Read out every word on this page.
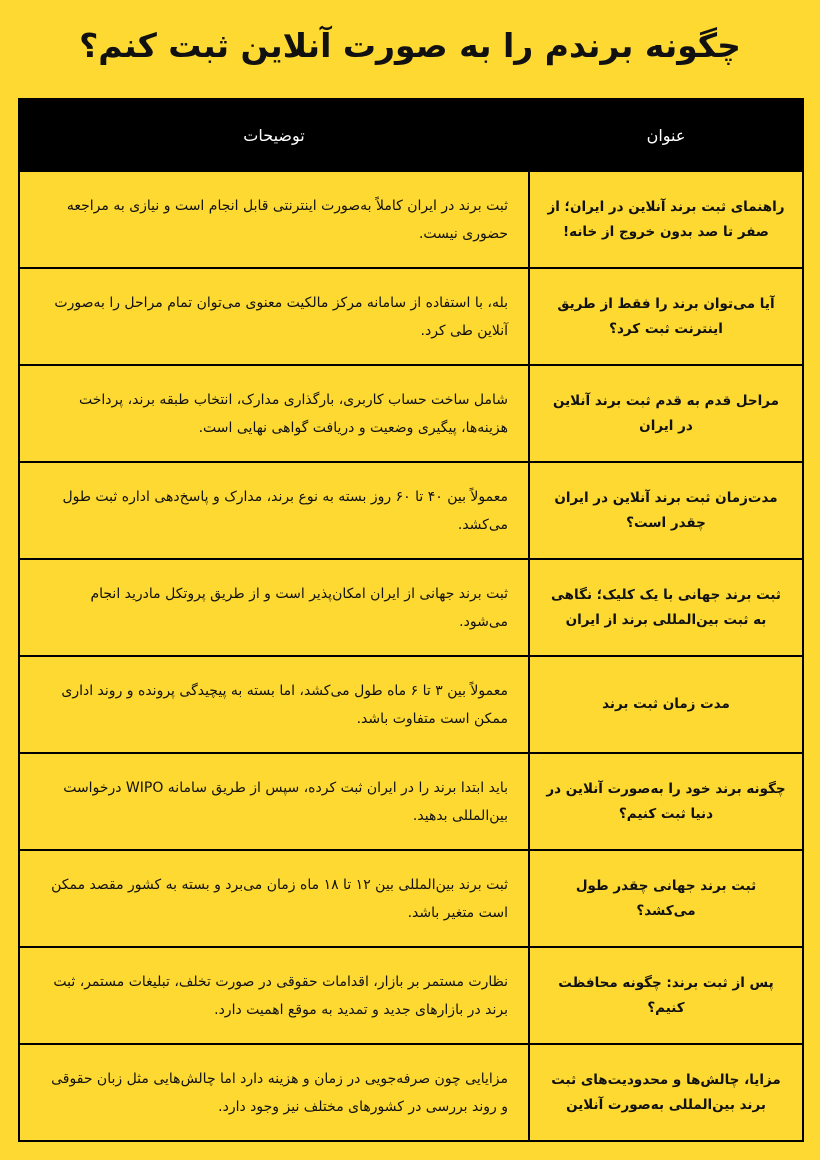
چگونه برندم را به صورت آنلاین ثبت کنم؟
عنوان	توضیحات
راهنمای ثبت برند آنلاین در ایران؛ از صفر تا صد بدون خروج از خانه!	ثبت برند در ایران کاملاً به‌صورت اینترنتی قابل انجام است و نیازی به مراجعه حضوری نیست.
آیا می‌توان برند را فقط از طریق اینترنت ثبت کرد؟	بله، با استفاده از سامانه مرکز مالکیت معنوی می‌توان تمام مراحل را به‌صورت آنلاین طی کرد.
مراحل قدم به قدم ثبت برند آنلاین در ایران	شامل ساخت حساب کاربری، بارگذاری مدارک، انتخاب طبقه برند، پرداخت هزینه‌ها، پیگیری وضعیت و دریافت گواهی نهایی است.
مدت‌زمان ثبت برند آنلاین در ایران چقدر است؟	معمولاً بین ۴۰ تا ۶۰ روز بسته به نوع برند، مدارک و پاسخ‌دهی اداره ثبت طول می‌کشد.
ثبت برند جهانی با یک کلیک؛ نگاهی به ثبت بین‌المللی برند از ایران	ثبت برند جهانی از ایران امکان‌پذیر است و از طریق پروتکل مادرید انجام می‌شود.
مدت زمان ثبت برند	معمولاً بین ۳ تا ۶ ماه طول می‌کشد، اما بسته به پیچیدگی پرونده و روند اداری ممکن است متفاوت باشد.
چگونه برند خود را به‌صورت آنلاین در دنیا ثبت کنیم؟	باید ابتدا برند را در ایران ثبت کرده، سپس از طریق سامانه WIPO درخواست بین‌المللی بدهید.
ثبت برند جهانی چقدر طول می‌کشد؟	ثبت برند بین‌المللی بین ۱۲ تا ۱۸ ماه زمان می‌برد و بسته به کشور مقصد ممکن است متغیر باشد.
پس از ثبت برند: چگونه محافظت کنیم؟	نظارت مستمر بر بازار، اقدامات حقوقی در صورت تخلف، تبلیغات مستمر، ثبت برند در بازارهای جدید و تمدید به موقع اهمیت دارد.
مزایا، چالش‌ها و محدودیت‌های ثبت برند بین‌المللی به‌صورت آنلاین	مزایایی چون صرفه‌جویی در زمان و هزینه دارد اما چالش‌هایی مثل زبان حقوقی و روند بررسی در کشورهای مختلف نیز وجود دارد.
